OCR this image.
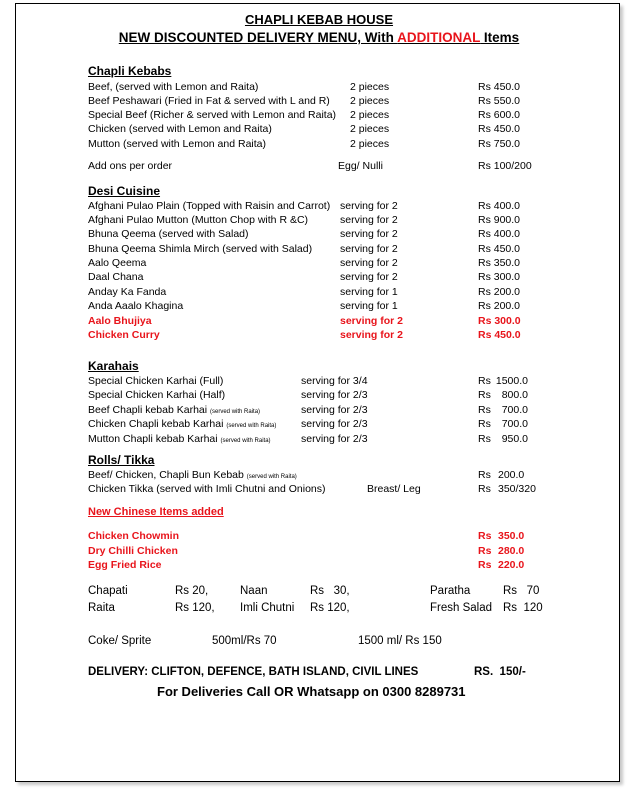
CHAPLI KEBAB HOUSE
NEW DISCOUNTED DELIVERY MENU, With ADDITIONAL Items
Chapli Kebabs
Beef, (served with Lemon and Raita)	2 pieces	Rs 450.0
Beef Peshawari (Fried in Fat & served with L and R) 2 pieces	Rs 550.0
Special Beef (Richer & served with Lemon and Raita) 2 pieces	Rs 600.0
Chicken (served with Lemon and Raita)	2 pieces	Rs 450.0
Mutton (served with Lemon and Raita)	2 pieces	Rs 750.0
Add ons per order	Egg/ Nulli	Rs 100/200
Desi Cuisine
Afghani Pulao Plain (Topped with Raisin and Carrot) serving for 2	Rs 400.0
Afghani Pulao Mutton (Mutton Chop with R &C)	serving for 2	Rs 900.0
Bhuna Qeema (served with Salad)	serving for 2	Rs 400.0
Bhuna Qeema Shimla Mirch (served with Salad)	serving for 2	Rs 450.0
Aalo Qeema	serving for 2	Rs 350.0
Daal Chana	serving for 2	Rs 300.0
Anday Ka Fanda	serving for 1	Rs 200.0
Anda Aaalo Khagina	serving for 1	Rs 200.0
Aalo Bhujiya	serving for 2	Rs 300.0
Chicken Curry	serving for 2	Rs 450.0
Karahais
Special Chicken Karhai (Full)	serving for 3/4	Rs 1500.0
Special Chicken Karhai (Half)	serving for 2/3	Rs	800.0
Beef Chapli kebab Karhai (served with Raita)	serving for 2/3	Rs	700.0
Chicken Chapli kebab Karhai (served with Raita) serving for 2/3	Rs	700.0
Mutton Chapli kebab Karhai (served with Raita)	serving for 2/3	Rs	950.0
Rolls/ Tikka
Beef/ Chicken, Chapli Bun Kebab (served with Raita)	Rs 200.0
Chicken Tikka (served with Imli Chutni and Onions)	Breast/ Leg	Rs 350/320
New Chinese Items added
Chicken Chowmin	Rs 350.0
Dry Chilli Chicken	Rs 280.0
Egg Fried Rice	Rs 220.0
Chapati	Rs 20,	Naan	Rs   30,	Paratha	Rs   70
Raita	Rs 120, Imli Chutni Rs 120,	Fresh Salad Rs  120
Coke/ Sprite	500ml/Rs 70	1500 ml/ Rs 150
DELIVERY: CLIFTON, DEFENCE, BATH ISLAND, CIVIL LINES	RS.  150/-
For Deliveries Call OR Whatsapp on 0300 8289731
